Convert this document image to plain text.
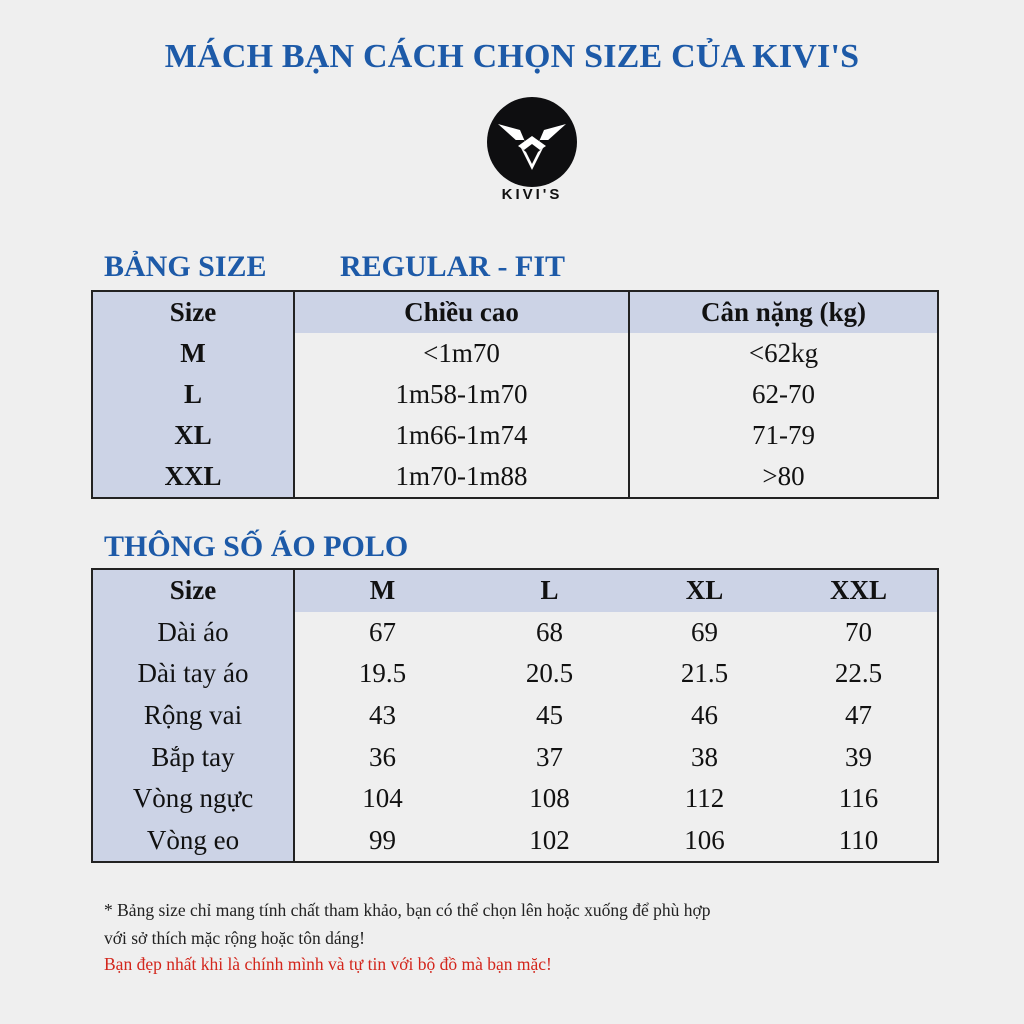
MÁCH BẠN CÁCH CHỌN SIZE CỦA KIVI'S
KIVI'S
BẢNG SIZE REGULAR - FIT
Size	Chiều cao	Cân nặng (kg)
M	<1m70	<62kg
L	1m58-1m70	62-70
XL	1m66-1m74	71-79
XXL	1m70-1m88	>80
THÔNG SỐ ÁO POLO
Size	M	L	XL	XXL
Dài áo	67	68	69	70
Dài tay áo	19.5	20.5	21.5	22.5
Rộng vai	43	45	46	47
Bắp tay	36	37	38	39
Vòng ngực	104	108	112	116
Vòng eo	99	102	106	110
* Bảng size chỉ mang tính chất tham khảo, bạn có thể chọn lên hoặc xuống để phù hợp
với sở thích mặc rộng hoặc tôn dáng!
Bạn đẹp nhất khi là chính mình và tự tin với bộ đồ mà bạn mặc!
